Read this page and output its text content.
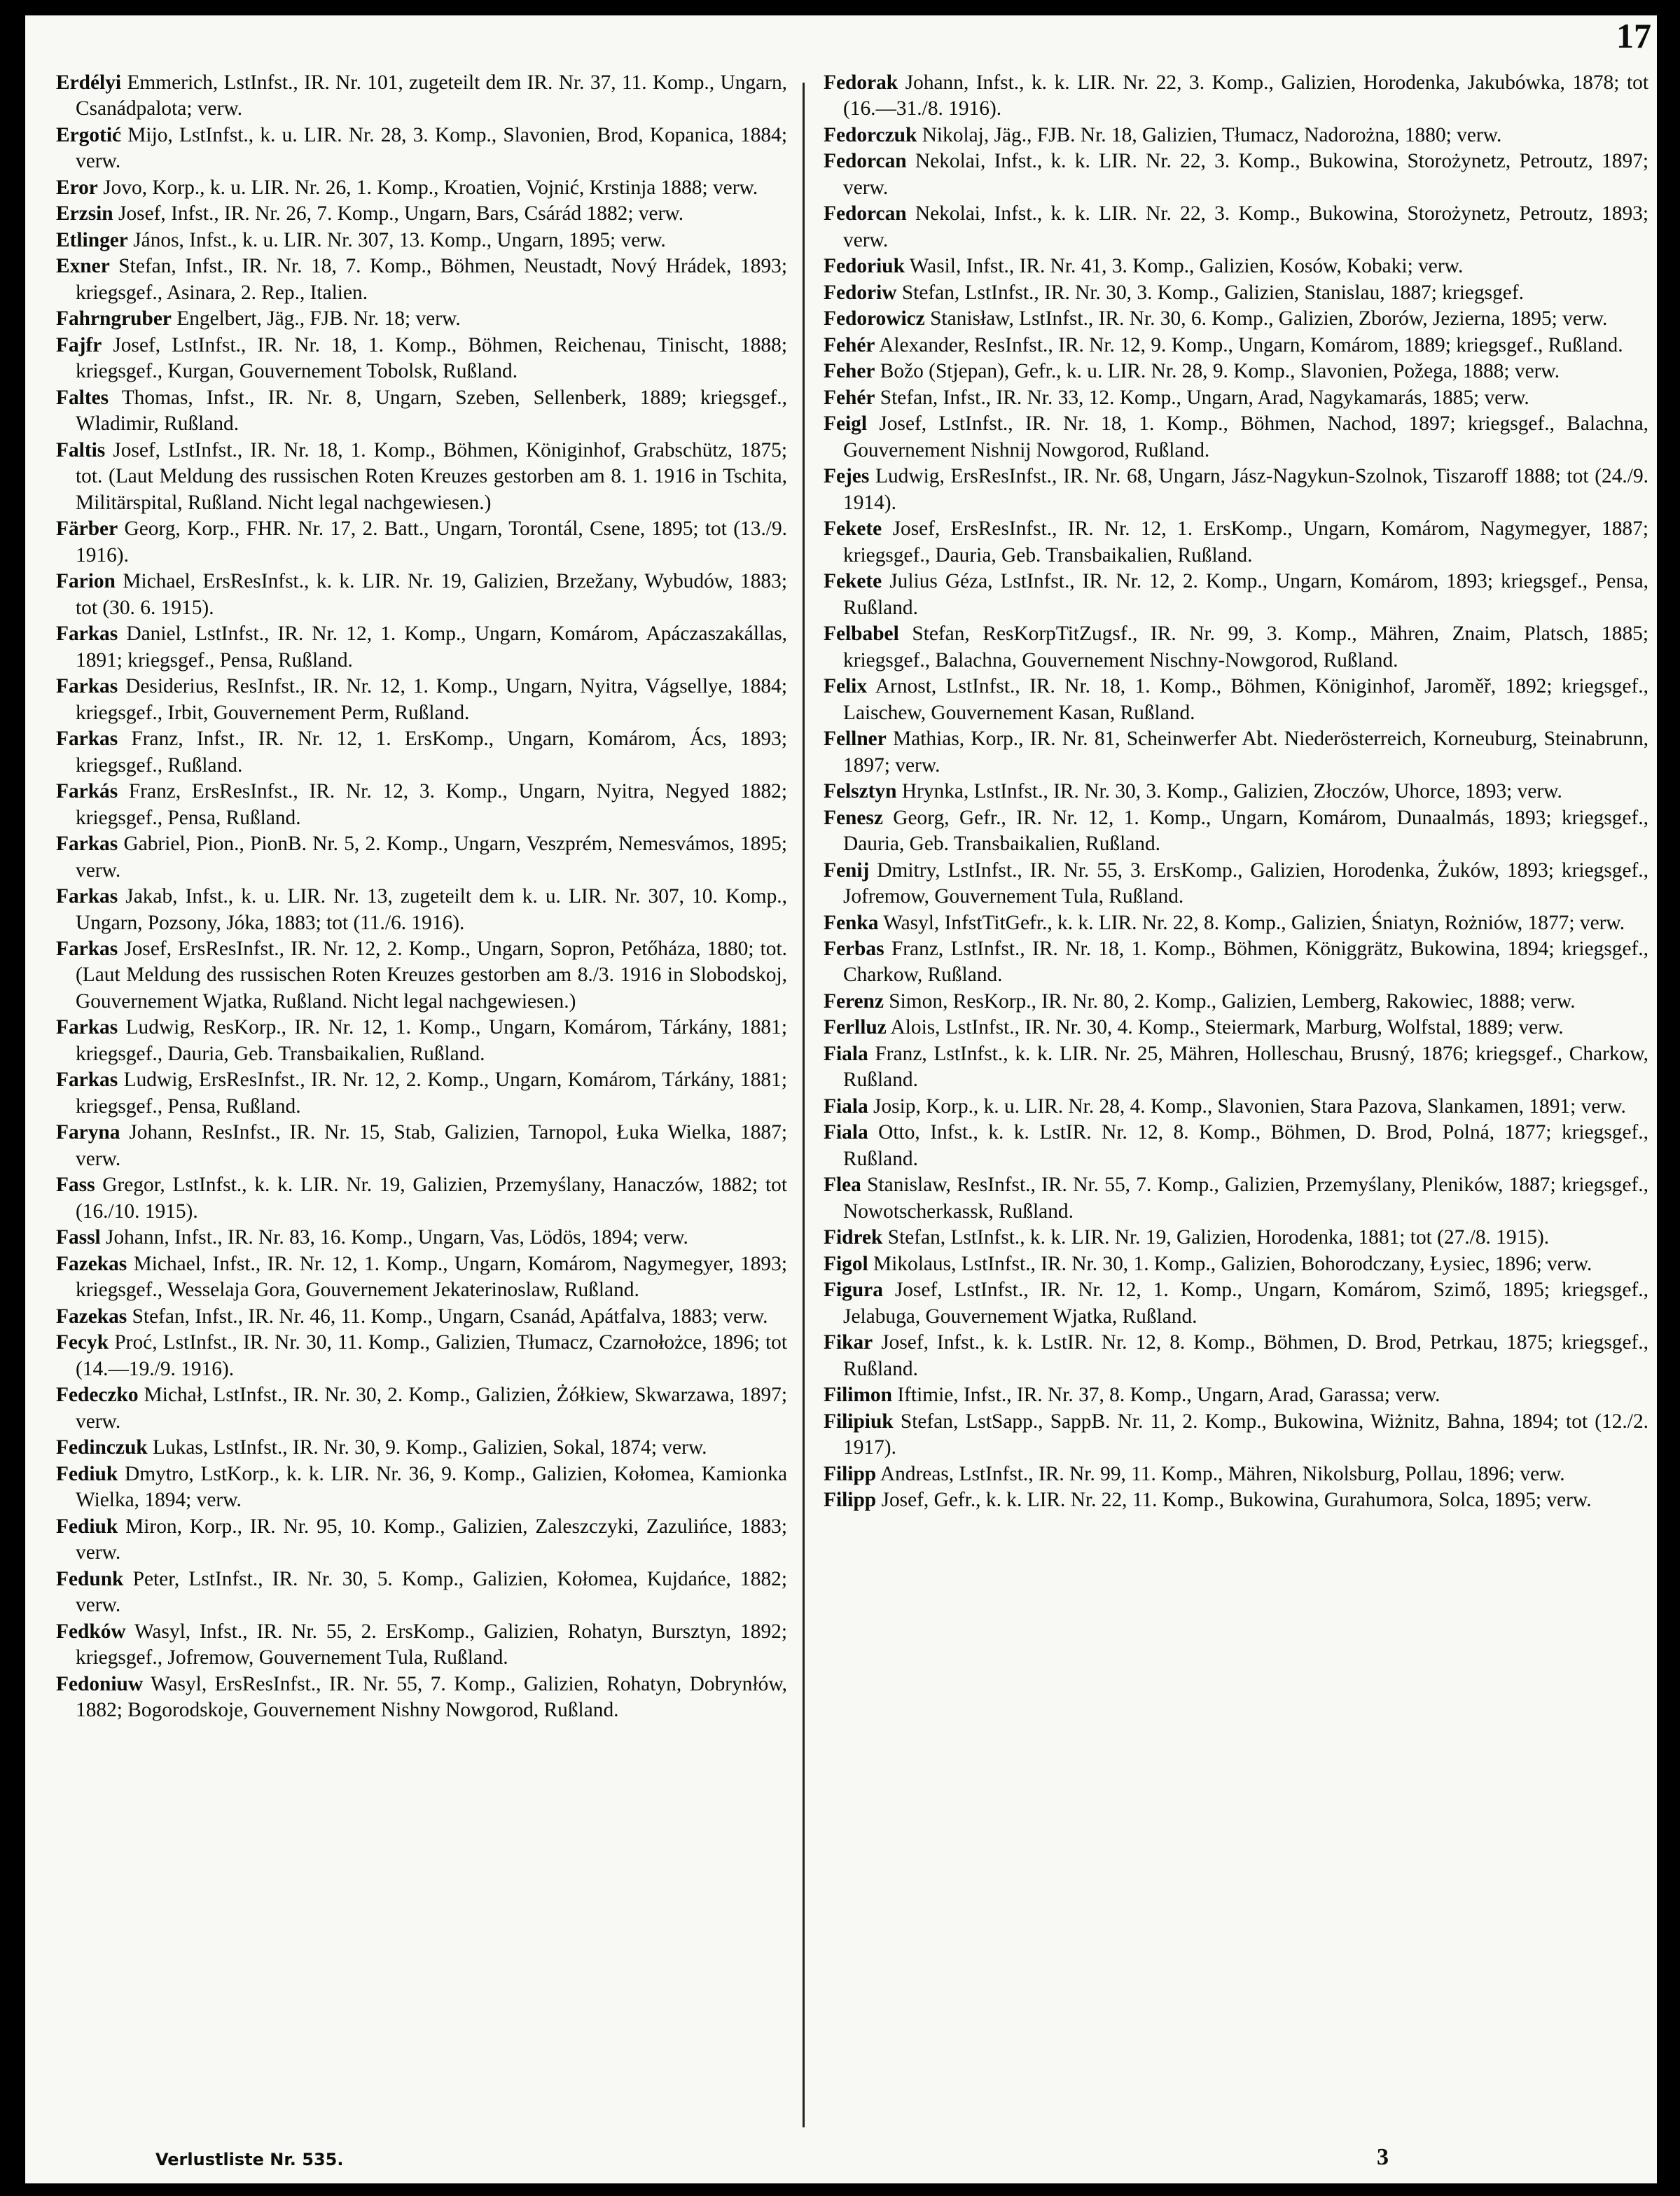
17

Erdélyi Emmerich, LstInfst., IR. Nr. 101, zugeteilt dem IR. Nr. 37, 11. Komp., Ungarn, Csanádpalota; verw.

Ergotić Mijo, LstInfst., k. u. LIR. Nr. 28, 3. Komp., Slavonien, Brod, Kopanica, 1884; verw.

Eror Jovo, Korp., k. u. LIR. Nr. 26, 1. Komp., Kroatien, Vojnić, Krstinja 1888; verw.

Erzsin Josef, Infst., IR. Nr. 26, 7. Komp., Ungarn, Bars, Csárád 1882; verw.

Etlinger János, Infst., k. u. LIR. Nr. 307, 13. Komp., Ungarn, 1895; verw.

Exner Stefan, Infst., IR. Nr. 18, 7. Komp., Böhmen, Neustadt, Nový Hrádek, 1893; kriegsgef., Asinara, 2. Rep., Italien.

Fahrngruber Engelbert, Jäg., FJB. Nr. 18; verw.

Fajfr Josef, LstInfst., IR. Nr. 18, 1. Komp., Böhmen, Reichenau, Tinischt, 1888; kriegsgef., Kurgan, Gouvernement Tobolsk, Rußland.

Faltes Thomas, Infst., IR. Nr. 8, Ungarn, Szeben, Sellenberk, 1889; kriegsgef., Wladimir, Rußland.

Faltis Josef, LstInfst., IR. Nr. 18, 1. Komp., Böhmen, Königinhof, Grabschütz, 1875; tot. (Laut Meldung des russischen Roten Kreuzes gestorben am 8. 1. 1916 in Tschita, Militärspital, Rußland. Nicht legal nachgewiesen.)

Färber Georg, Korp., FHR. Nr. 17, 2. Batt., Ungarn, Torontál, Csene, 1895; tot (13./9. 1916).

Farion Michael, ErsResInfst., k. k. LIR. Nr. 19, Galizien, Brzežany, Wybudów, 1883; tot (30. 6. 1915).

Farkas Daniel, LstInfst., IR. Nr. 12, 1. Komp., Ungarn, Komárom, Apáczaszakállas, 1891; kriegsgef., Pensa, Rußland.

Farkas Desiderius, ResInfst., IR. Nr. 12, 1. Komp., Ungarn, Nyitra, Vágsellye, 1884; kriegsgef., Irbit, Gouvernement Perm, Rußland.

Farkas Franz, Infst., IR. Nr. 12, 1. ErsKomp., Ungarn, Komárom, Ács, 1893; kriegsgef., Rußland.

Farkás Franz, ErsResInfst., IR. Nr. 12, 3. Komp., Ungarn, Nyitra, Negyed 1882; kriegsgef., Pensa, Rußland.

Farkas Gabriel, Pion., PionB. Nr. 5, 2. Komp., Ungarn, Veszprém, Nemesvámos, 1895; verw.

Farkas Jakab, Infst., k. u. LIR. Nr. 13, zugeteilt dem k. u. LIR. Nr. 307, 10. Komp., Ungarn, Pozsony, Jóka, 1883; tot (11./6. 1916).

Farkas Josef, ErsResInfst., IR. Nr. 12, 2. Komp., Ungarn, Sopron, Petőháza, 1880; tot. (Laut Meldung des russischen Roten Kreuzes gestorben am 8./3. 1916 in Slobodskoj, Gouvernement Wjatka, Rußland. Nicht legal nachgewiesen.)

Farkas Ludwig, ResKorp., IR. Nr. 12, 1. Komp., Ungarn, Komárom, Tárkány, 1881; kriegsgef., Dauria, Geb. Transbaikalien, Rußland.

Farkas Ludwig, ErsResInfst., IR. Nr. 12, 2. Komp., Ungarn, Komárom, Tárkány, 1881; kriegsgef., Pensa, Rußland.

Faryna Johann, ResInfst., IR. Nr. 15, Stab, Galizien, Tarnopol, Łuka Wielka, 1887; verw.

Fass Gregor, LstInfst., k. k. LIR. Nr. 19, Galizien, Przemyślany, Hanaczów, 1882; tot (16./10. 1915).

Fassl Johann, Infst., IR. Nr. 83, 16. Komp., Ungarn, Vas, Lödös, 1894; verw.

Fazekas Michael, Infst., IR. Nr. 12, 1. Komp., Ungarn, Komárom, Nagymegyer, 1893; kriegsgef., Wesselaja Gora, Gouvernement Jekaterinoslaw, Rußland.

Fazekas Stefan, Infst., IR. Nr. 46, 11. Komp., Ungarn, Csanád, Apátfalva, 1883; verw.

Fecyk Proć, LstInfst., IR. Nr. 30, 11. Komp., Galizien, Tłumacz, Czarnołożce, 1896; tot (14.—19./9. 1916).

Fedeczko Michał, LstInfst., IR. Nr. 30, 2. Komp., Galizien, Żółkiew, Skwarzawa, 1897; verw.

Fedinczuk Lukas, LstInfst., IR. Nr. 30, 9. Komp., Galizien, Sokal, 1874; verw.

Fediuk Dmytro, LstKorp., k. k. LIR. Nr. 36, 9. Komp., Galizien, Kołomea, Kamionka Wielka, 1894; verw.

Fediuk Miron, Korp., IR. Nr. 95, 10. Komp., Galizien, Zaleszczyki, Zazulińce, 1883; verw.

Fedunk Peter, LstInfst., IR. Nr. 30, 5. Komp., Galizien, Kołomea, Kujdańce, 1882; verw.

Fedków Wasyl, Infst., IR. Nr. 55, 2. ErsKomp., Galizien, Rohatyn, Bursztyn, 1892; kriegsgef., Jofremow, Gouvernement Tula, Rußland.

Fedoniuw Wasyl, ErsResInfst., IR. Nr. 55, 7. Komp., Galizien, Rohatyn, Dobrynłów, 1882; Bogorodskoje, Gouvernement Nishny Nowgorod, Rußland.

Fedorak Johann, Infst., k. k. LIR. Nr. 22, 3. Komp., Galizien, Horodenka, Jakubówka, 1878; tot (16.—31./8. 1916).

Fedorczuk Nikolaj, Jäg., FJB. Nr. 18, Galizien, Tłumacz, Nadorożna, 1880; verw.

Fedorcan Nekolai, Infst., k. k. LIR. Nr. 22, 3. Komp., Bukowina, Storożynetz, Petroutz, 1897; verw.

Fedorcan Nekolai, Infst., k. k. LIR. Nr. 22, 3. Komp., Bukowina, Storożynetz, Petroutz, 1893; verw.

Fedoriuk Wasil, Infst., IR. Nr. 41, 3. Komp., Galizien, Kosów, Kobaki; verw.

Fedoriw Stefan, LstInfst., IR. Nr. 30, 3. Komp., Galizien, Stanislau, 1887; kriegsgef.

Fedorowicz Stanisław, LstInfst., IR. Nr. 30, 6. Komp., Galizien, Zborów, Jezierna, 1895; verw.

Fehér Alexander, ResInfst., IR. Nr. 12, 9. Komp., Ungarn, Komárom, 1889; kriegsgef., Rußland.

Feher Božo (Stjepan), Gefr., k. u. LIR. Nr. 28, 9. Komp., Slavonien, Požega, 1888; verw.

Fehér Stefan, Infst., IR. Nr. 33, 12. Komp., Ungarn, Arad, Nagykamarás, 1885; verw.

Feigl Josef, LstInfst., IR. Nr. 18, 1. Komp., Böhmen, Nachod, 1897; kriegsgef., Balachna, Gouvernement Nishnij Nowgorod, Rußland.

Fejes Ludwig, ErsResInfst., IR. Nr. 68, Ungarn, Jász-Nagykun-Szolnok, Tiszaroff 1888; tot (24./9. 1914).

Fekete Josef, ErsResInfst., IR. Nr. 12, 1. ErsKomp., Ungarn, Komárom, Nagymegyer, 1887; kriegsgef., Dauria, Geb. Transbaikalien, Rußland.

Fekete Julius Géza, LstInfst., IR. Nr. 12, 2. Komp., Ungarn, Komárom, 1893; kriegsgef., Pensa, Rußland.

Felbabel Stefan, ResKorpTitZugsf., IR. Nr. 99, 3. Komp., Mähren, Znaim, Platsch, 1885; kriegsgef., Balachna, Gouvernement Nischny-Nowgorod, Rußland.

Felix Arnost, LstInfst., IR. Nr. 18, 1. Komp., Böhmen, Königinhof, Jaroměř, 1892; kriegsgef., Laischew, Gouvernement Kasan, Rußland.

Fellner Mathias, Korp., IR. Nr. 81, Scheinwerfer Abt. Niederösterreich, Korneuburg, Steinabrunn, 1897; verw.

Felsztyn Hrynka, LstInfst., IR. Nr. 30, 3. Komp., Galizien, Złoczów, Uhorce, 1893; verw.

Fenesz Georg, Gefr., IR. Nr. 12, 1. Komp., Ungarn, Komárom, Dunaalmás, 1893; kriegsgef., Dauria, Geb. Transbaikalien, Rußland.

Fenij Dmitry, LstInfst., IR. Nr. 55, 3. ErsKomp., Galizien, Horodenka, Żuków, 1893; kriegsgef., Jofremow, Gouvernement Tula, Rußland.

Fenka Wasyl, InfstTitGefr., k. k. LIR. Nr. 22, 8. Komp., Galizien, Śniatyn, Rożniów, 1877; verw.

Ferbas Franz, LstInfst., IR. Nr. 18, 1. Komp., Böhmen, Königgrätz, Bukowina, 1894; kriegsgef., Charkow, Rußland.

Ferenz Simon, ResKorp., IR. Nr. 80, 2. Komp., Galizien, Lemberg, Rakowiec, 1888; verw.

Ferlluz Alois, LstInfst., IR. Nr. 30, 4. Komp., Steiermark, Marburg, Wolfstal, 1889; verw.

Fiala Franz, LstInfst., k. k. LIR. Nr. 25, Mähren, Holleschau, Brusný, 1876; kriegsgef., Charkow, Rußland.

Fiala Josip, Korp., k. u. LIR. Nr. 28, 4. Komp., Slavonien, Stara Pazova, Slankamen, 1891; verw.

Fiala Otto, Infst., k. k. LstIR. Nr. 12, 8. Komp., Böhmen, D. Brod, Polná, 1877; kriegsgef., Rußland.

Flea Stanislaw, ResInfst., IR. Nr. 55, 7. Komp., Galizien, Przemyślany, Pleników, 1887; kriegsgef., Nowotscherkassk, Rußland.

Fidrek Stefan, LstInfst., k. k. LIR. Nr. 19, Galizien, Horodenka, 1881; tot (27./8. 1915).

Figol Mikolaus, LstInfst., IR. Nr. 30, 1. Komp., Galizien, Bohorodczany, Łysiec, 1896; verw.

Figura Josef, LstInfst., IR. Nr. 12, 1. Komp., Ungarn, Komárom, Szimő, 1895; kriegsgef., Jelabuga, Gouvernement Wjatka, Rußland.

Fikar Josef, Infst., k. k. LstIR. Nr. 12, 8. Komp., Böhmen, D. Brod, Petrkau, 1875; kriegsgef., Rußland.

Filimon Iftimie, Infst., IR. Nr. 37, 8. Komp., Ungarn, Arad, Garassa; verw.

Filipiuk Stefan, LstSapp., SappB. Nr. 11, 2. Komp., Bukowina, Wiżnitz, Bahna, 1894; tot (12./2. 1917).

Filipp Andreas, LstInfst., IR. Nr. 99, 11. Komp., Mähren, Nikolsburg, Pollau, 1896; verw.

Filipp Josef, Gefr., k. k. LIR. Nr. 22, 11. Komp., Bukowina, Gurahumora, Solca, 1895; verw.

Verlustliste Nr. 535.	3
